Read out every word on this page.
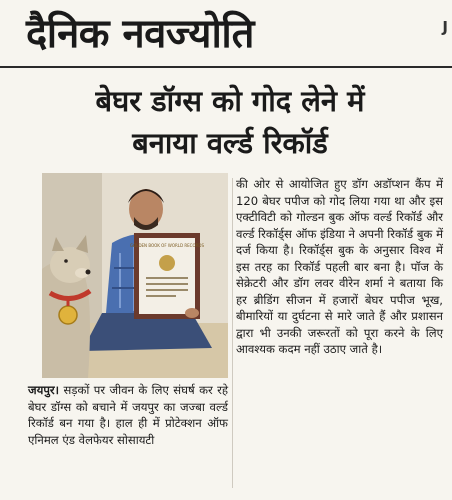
दैनिक नवज्योति	J
बेघर डॉग्स को गोद लेने में
बनाया वर्ल्ड रिकॉर्ड
GOLDEN BOOK OF WORLD RECORDS
जयपुर। सड़कों पर जीवन के लिए संघर्ष कर रहे बेघर डॉग्स को बचाने में जयपुर का जज्बा वर्ल्ड रिकॉर्ड बन गया है। हाल ही में प्रोटेक्शन ऑफ एनिमल एंड वेलफेयर सोसायटी
की ओर से आयोजित हुए डॉग अडॉप्शन कैंप में 120 बेघर पपीज को गोद लिया गया था और इस एक्टीविटी को गोल्डन बुक ऑफ वर्ल्ड रिकॉर्ड और वर्ल्ड रिकॉर्ड्स ऑफ इंडिया ने अपनी रिकॉर्ड बुक में दर्ज किया है। रिकॉर्ड्स बुक के अनुसार विश्व में इस तरह का रिकॉर्ड पहली बार बना है। पॉज के सेक्रेटरी और डॉग लवर वीरेन शर्मा ने बताया कि हर ब्रीडिंग सीजन में हजारों बेघर पपीज भूख, बीमारियों या दुर्घटना से मारे जाते हैं और प्रशासन द्वारा भी उनकी जरूरतों को पूरा करने के लिए आवश्यक कदम नहीं उठाए जाते है।
